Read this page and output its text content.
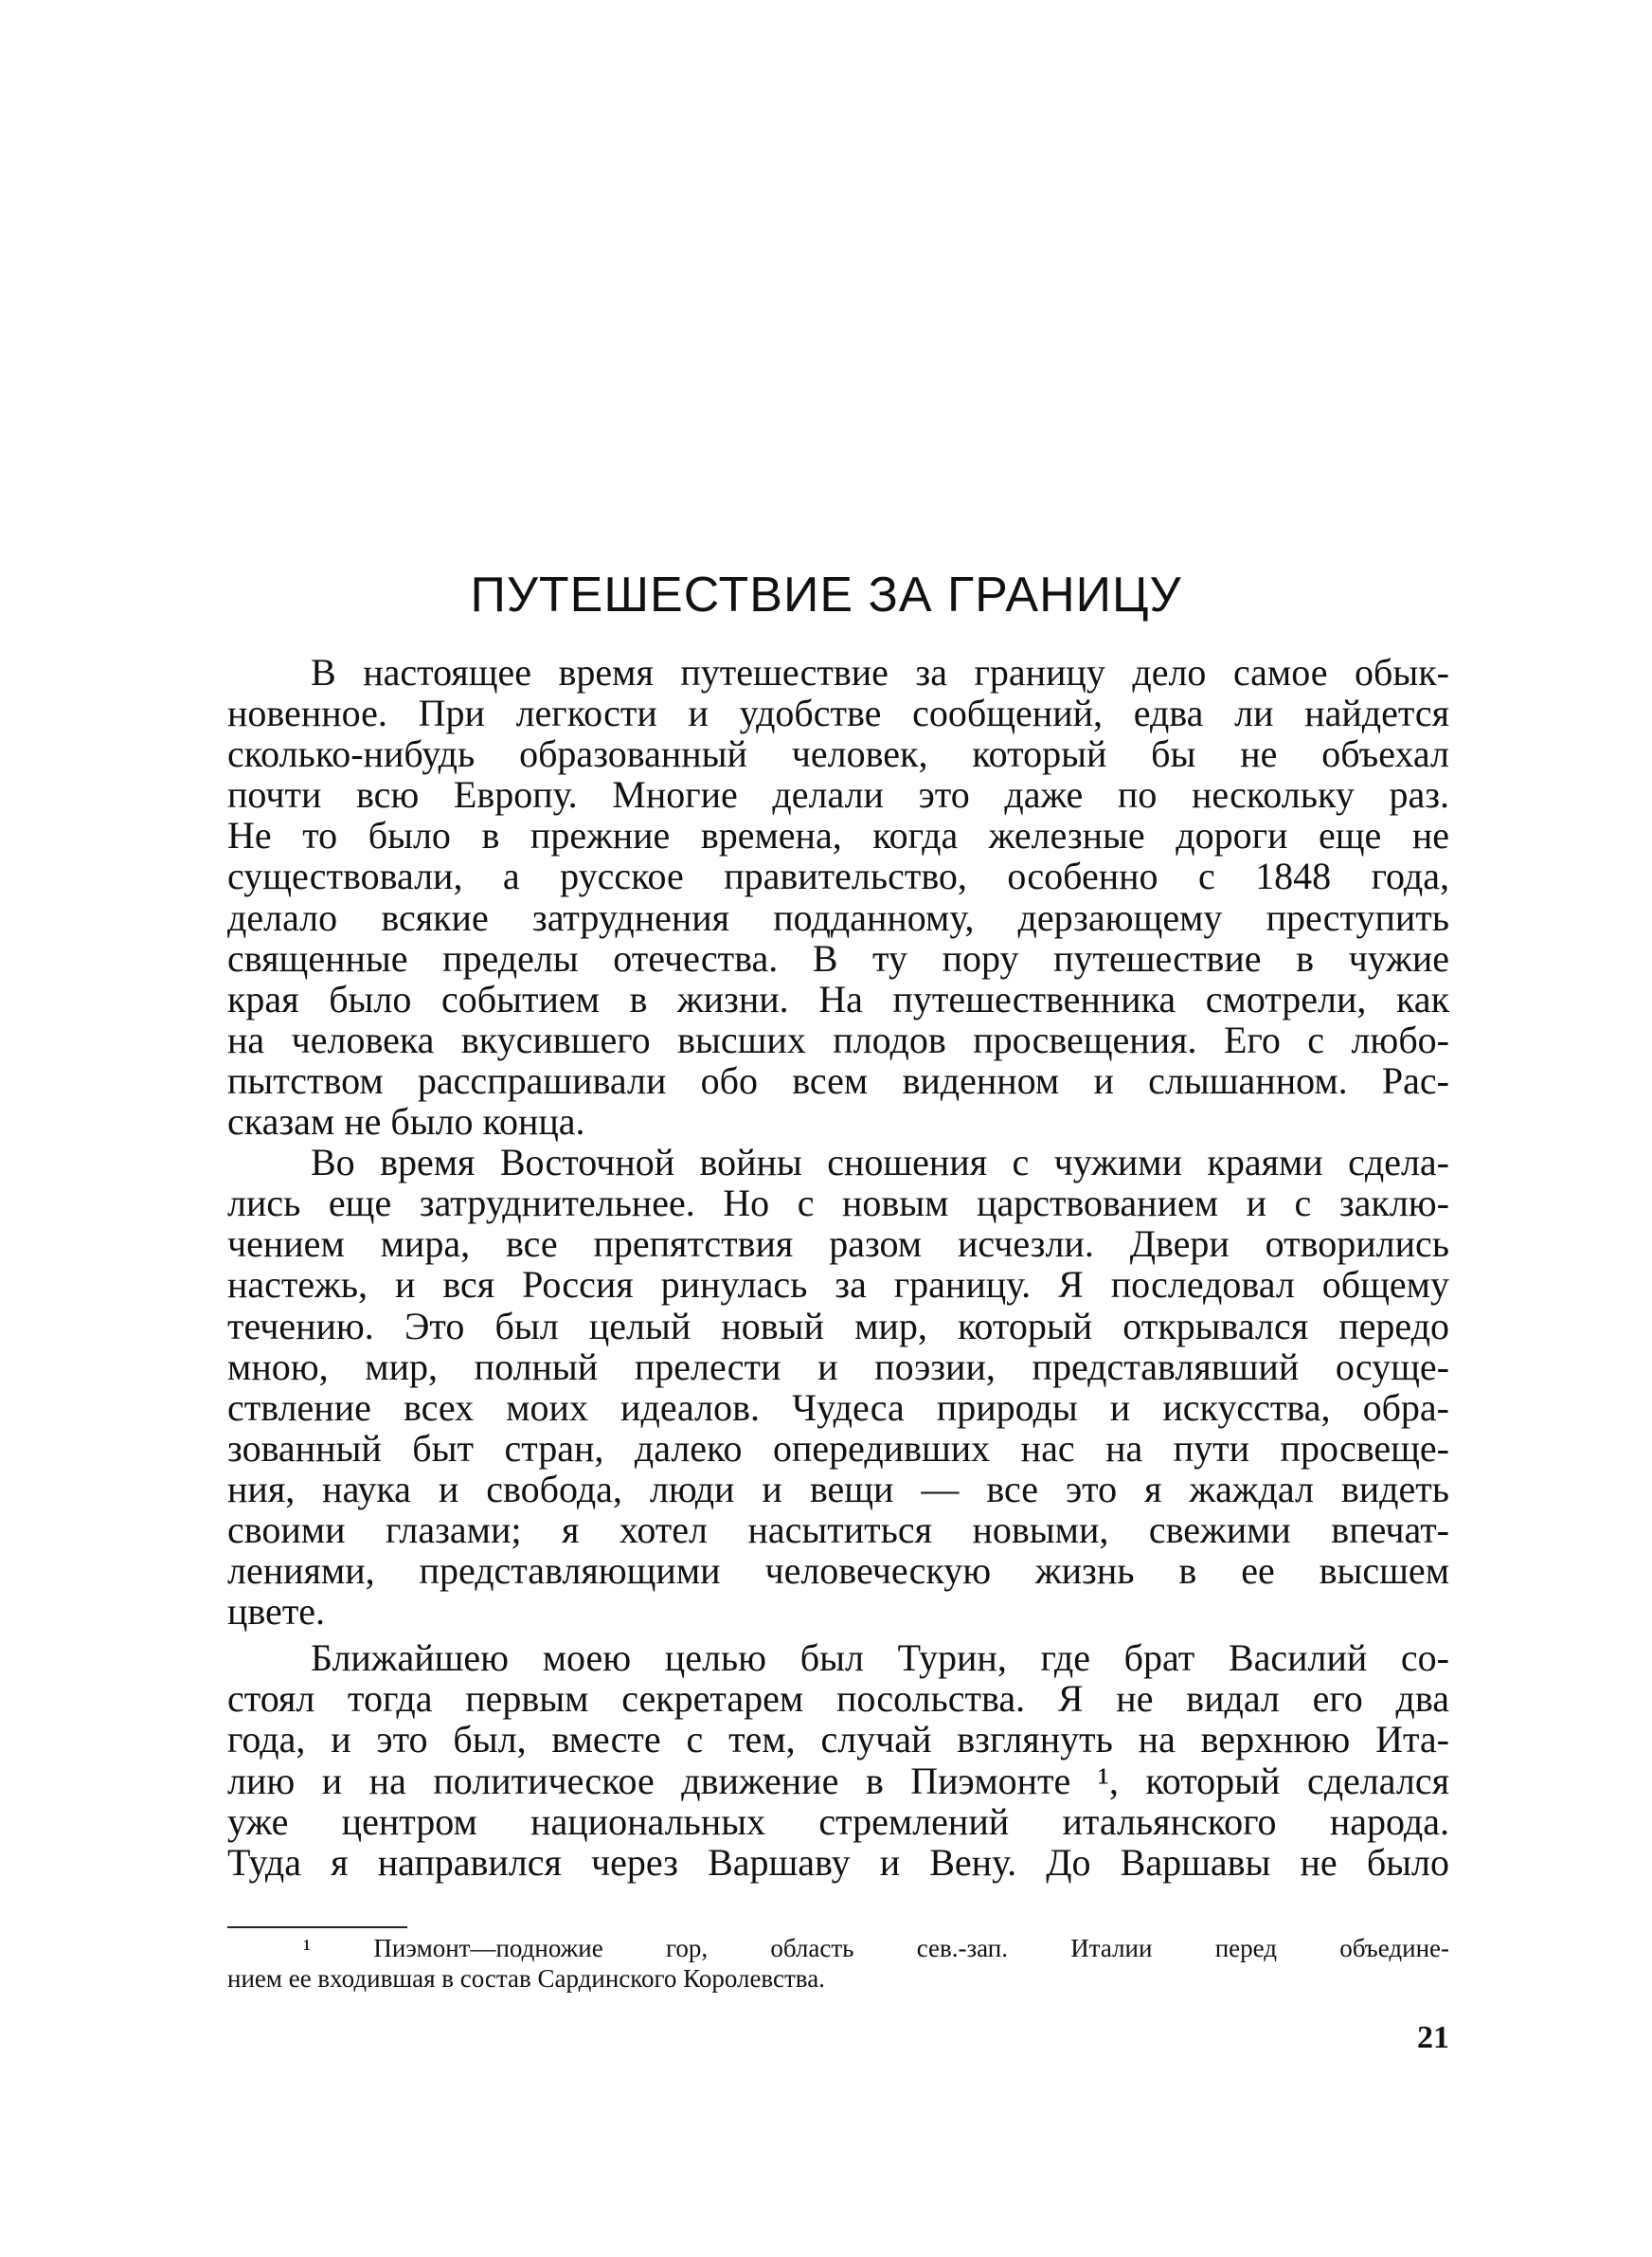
ПУТЕШЕСТВИЕ ЗА ГРАНИЦУ
В настоящее время путешествие за границу дело самое обык-
новенное. При легкости и удобстве сообщений, едва ли найдется
сколько-нибудь образованный человек, который бы не объехал
почти всю Европу. Многие делали это даже по нескольку раз.
Не то было в прежние времена, когда железные дороги еще не
существовали, а русское правительство, особенно с 1848 года,
делало всякие затруднения подданному, дерзающему преступить
священные пределы отечества. В ту пору путешествие в чужие
края было событием в жизни. На путешественника смотрели, как
на человека вкусившего высших плодов просвещения. Его с любо-
пытством расспрашивали обо всем виденном и слышанном. Рас-
сказам не было конца.
Во время Восточной войны сношения с чужими краями сдела-
лись еще затруднительнее. Но с новым царствованием и с заклю-
чением мира, все препятствия разом исчезли. Двери отворились
настежь, и вся Россия ринулась за границу. Я последовал общему
течению. Это был целый новый мир, который открывался передо
мною, мир, полный прелести и поэзии, представлявший осуще-
ствление всех моих идеалов. Чудеса природы и искусства, обра-
зованный быт стран, далеко опередивших нас на пути просвеще-
ния, наука и свобода, люди и вещи — все это я жаждал видеть
своими глазами; я хотел насытиться новыми, свежими впечат-
лениями, представляющими человеческую жизнь в ее высшем
цвете.
Ближайшею моею целью был Турин, где брат Василий со-
стоял тогда первым секретарем посольства. Я не видал его два
года, и это был, вместе с тем, случай взглянуть на верхнюю Ита-
лию и на политическое движение в Пиэмонте ¹, который сделался
уже центром национальных стремлений итальянского народа.
Туда я направился через Варшаву и Вену. До Варшавы не было
¹ Пиэмонт—подножие гор, область сев.-зап. Италии перед объедине-
нием ее входившая в состав Сардинского Королевства.
21
